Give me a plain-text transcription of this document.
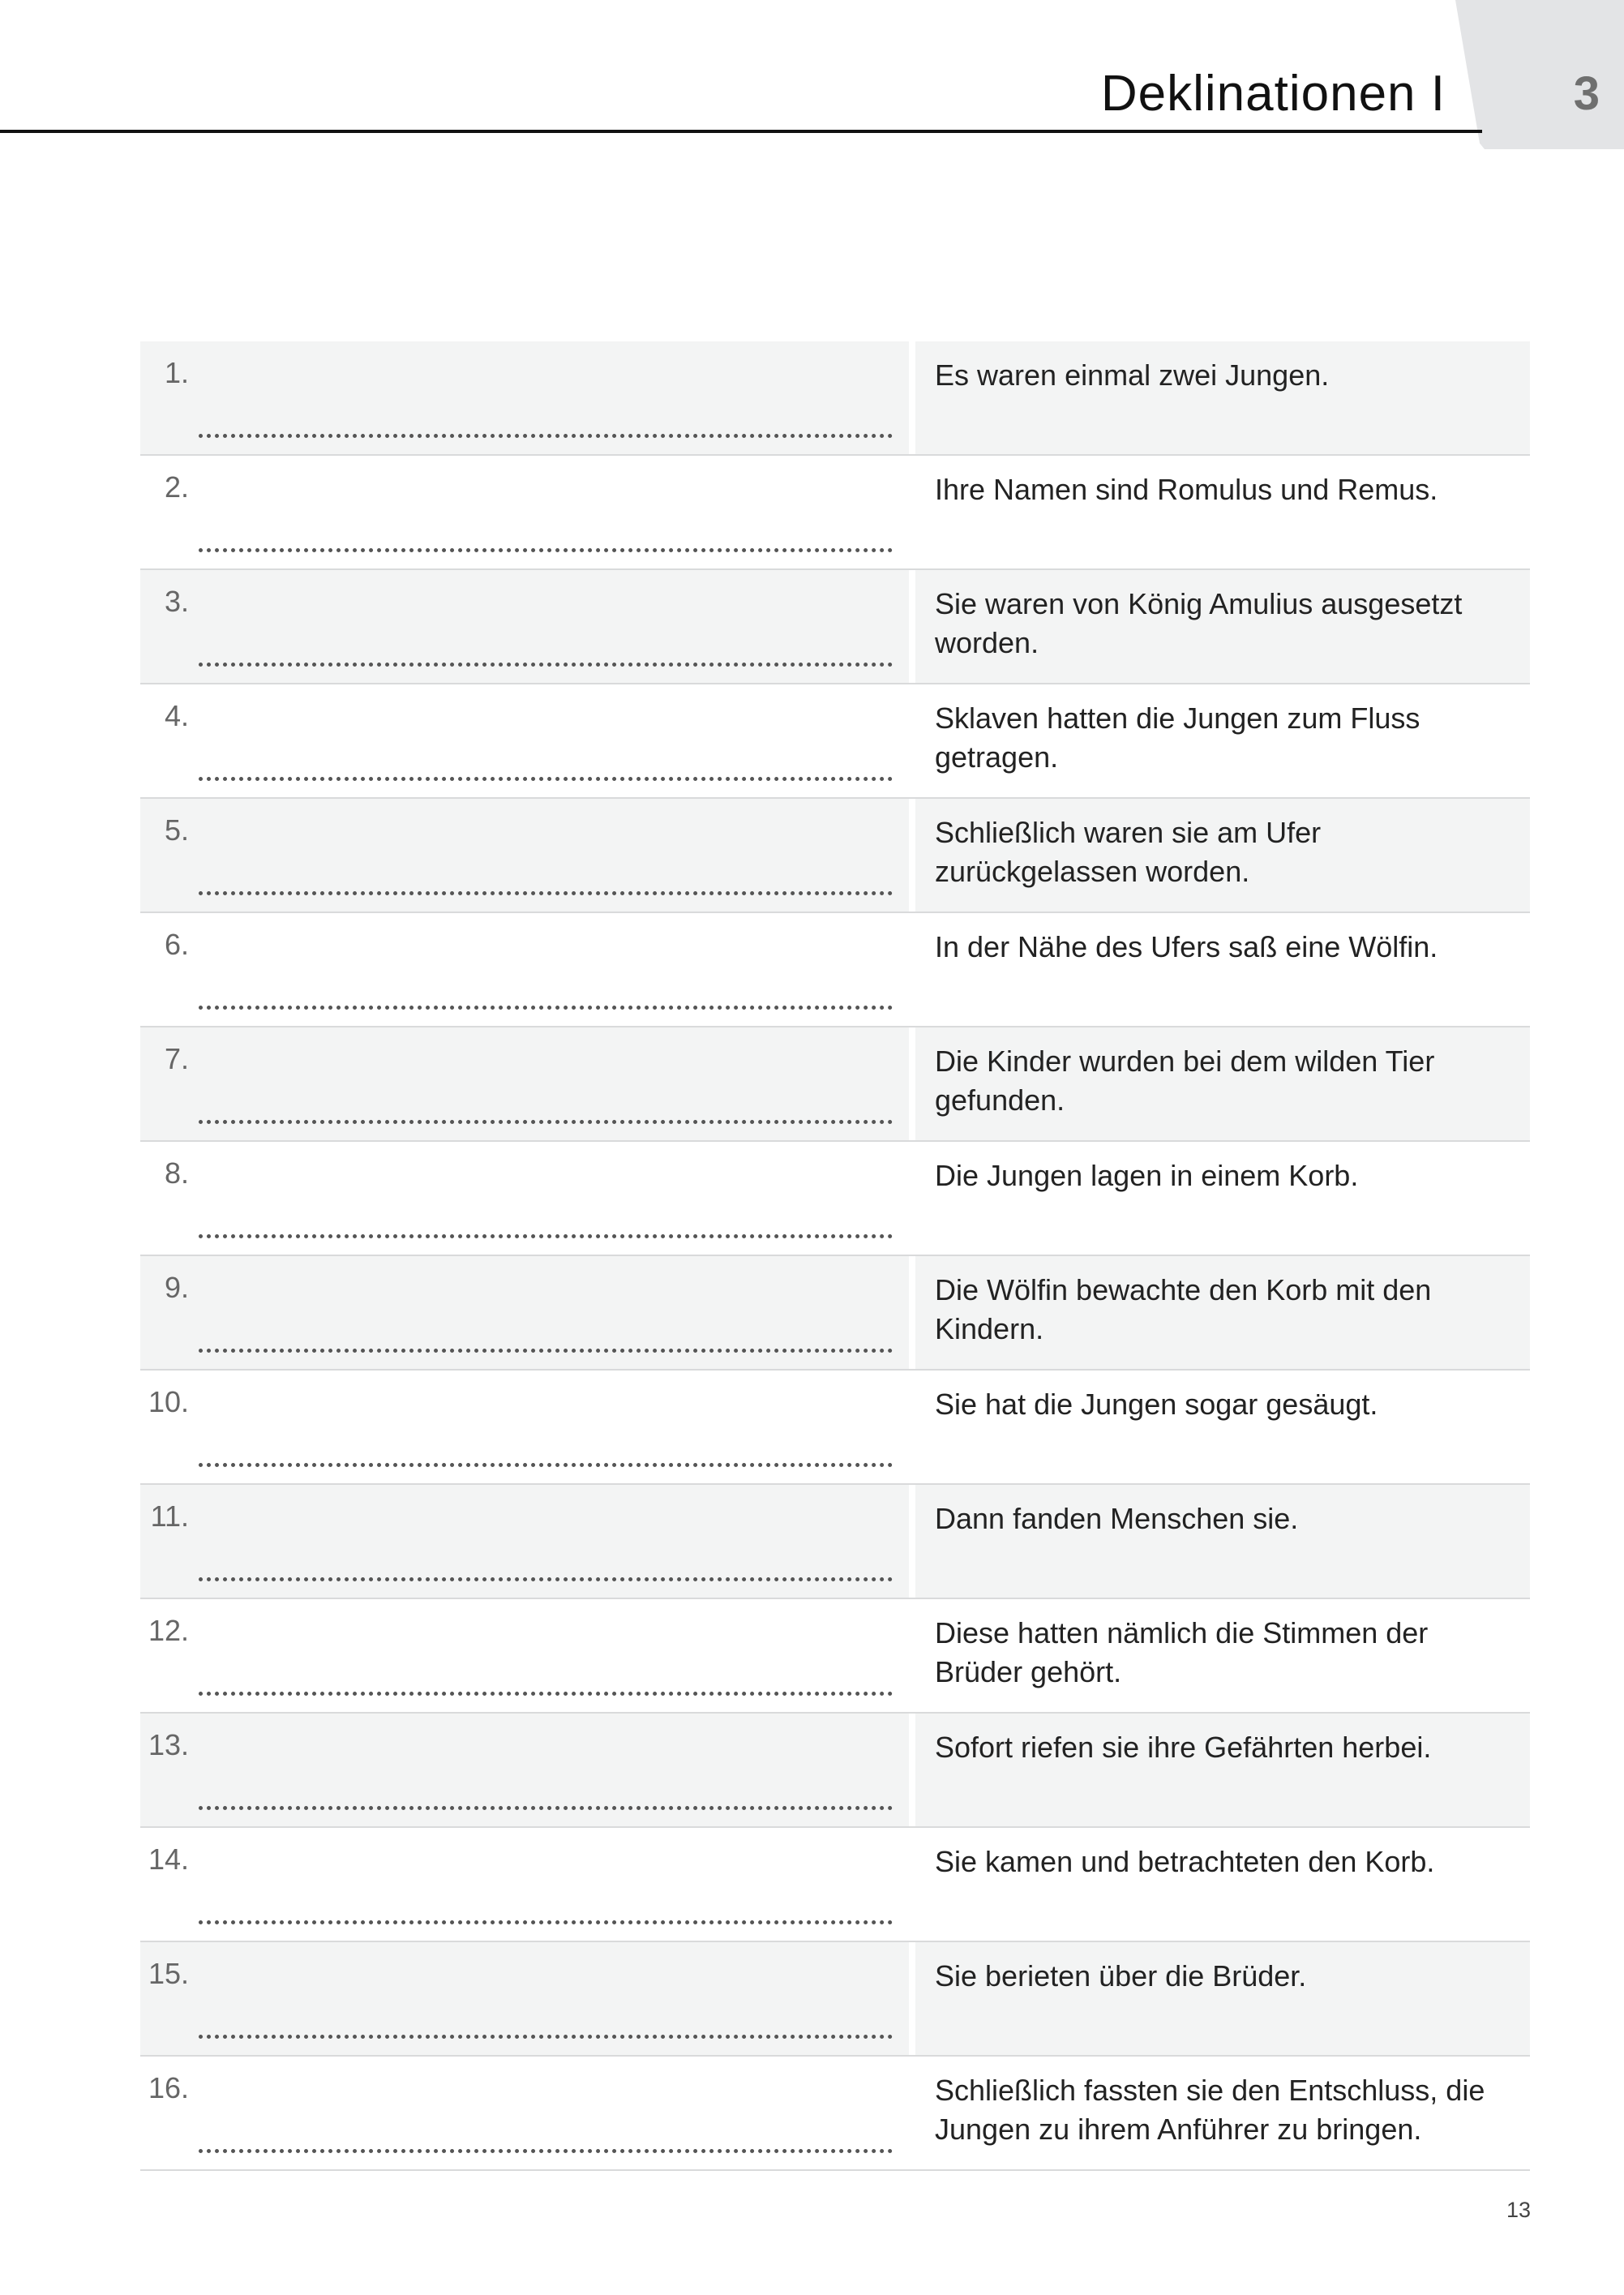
3
Deklinationen I
1.	Es waren einmal zwei Jungen.
2.	Ihre Namen sind Romulus und Remus.
3.	Sie waren von König Amulius ausgesetzt worden.
4.	Sklaven hatten die Jungen zum Fluss getragen.
5.	Schließlich waren sie am Ufer zurückgelassen worden.
6.	In der Nähe des Ufers saß eine Wölfin.
7.	Die Kinder wurden bei dem wilden Tier gefunden.
8.	Die Jungen lagen in einem Korb.
9.	Die Wölfin bewachte den Korb mit den Kindern.
10.	Sie hat die Jungen sogar gesäugt.
11.	Dann fanden Menschen sie.
12.	Diese hatten nämlich die Stimmen der Brüder gehört.
13.	Sofort riefen sie ihre Gefährten herbei.
14.	Sie kamen und betrachteten den Korb.
15.	Sie berieten über die Brüder.
16.	Schließlich fassten sie den Entschluss, die Jungen zu ihrem Anführer zu bringen.
13
